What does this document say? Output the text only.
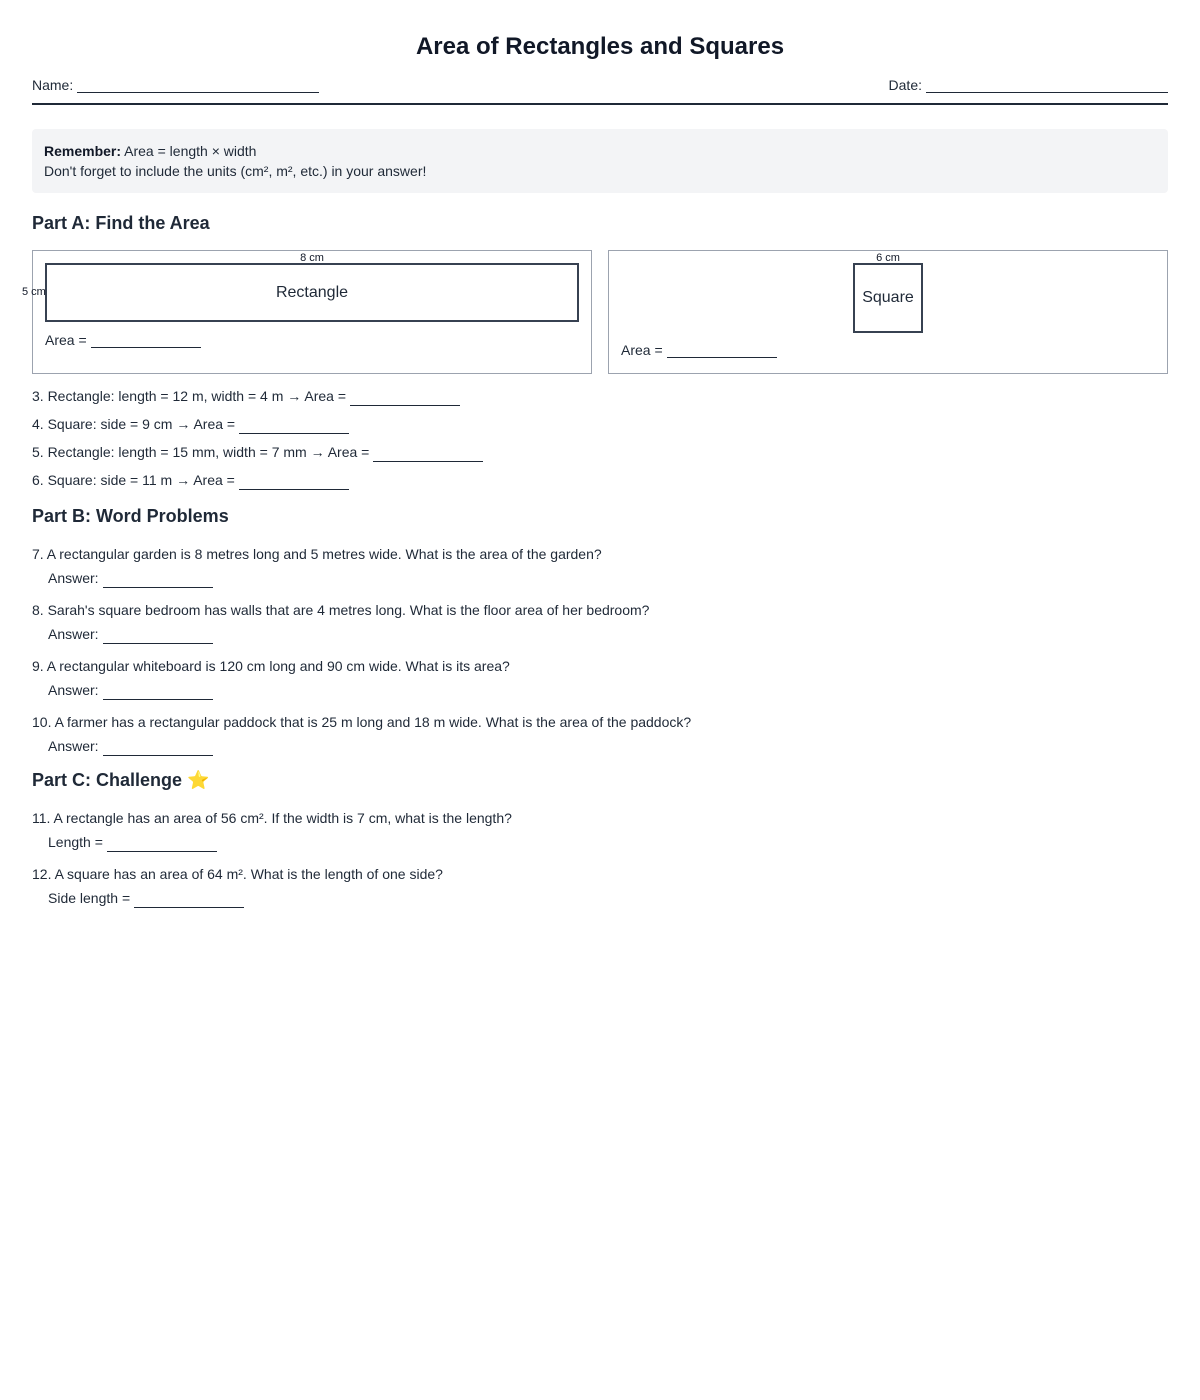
Area of Rectangles and Squares
Name:	Date:
Remember: Area = length × width
Don't forget to include the units (cm², m², etc.) in your answer!
Part A: Find the Area
8 cm
5 cm	Rectangle
Area =
6 cm
Square
Area =
3. Rectangle: length = 12 m, width = 4 m → Area =
4. Square: side = 9 cm → Area =
5. Rectangle: length = 15 mm, width = 7 mm → Area =
6. Square: side = 11 m → Area =
Part B: Word Problems
7. A rectangular garden is 8 metres long and 5 metres wide. What is the area of the garden?
Answer:
8. Sarah's square bedroom has walls that are 4 metres long. What is the floor area of her bedroom?
Answer:
9. A rectangular whiteboard is 120 cm long and 90 cm wide. What is its area?
Answer:
10. A farmer has a rectangular paddock that is 25 m long and 18 m wide. What is the area of the paddock?
Answer:
Part C: Challenge ⭐
11. A rectangle has an area of 56 cm². If the width is 7 cm, what is the length?
Length =
12. A square has an area of 64 m². What is the length of one side?
Side length =
